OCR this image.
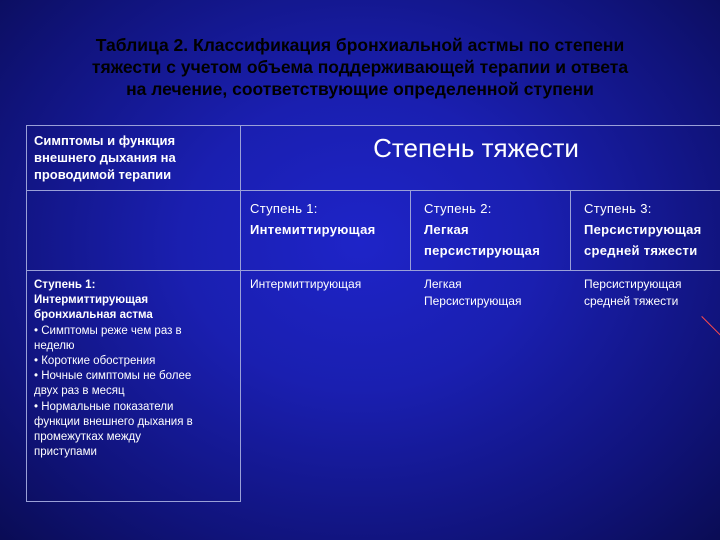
Таблица 2. Классификация бронхиальной астмы по степени
тяжести с учетом объема поддерживающей терапии и ответа
на лечение, соответствующие определенной ступени
Симптомы и функция
внешнего дыхания на
проводимой терапии
Степень тяжести
Ступень 1:
Интемиттирующая
Ступень 2:
Легкая
персистирующая
Ступень 3:
Персистирующая
средней тяжести
Ступень 1:
Интермиттирующая
бронхиальная астма
• Симптомы реже чем раз в
неделю
• Короткие обострения
• Ночные симптомы не более
двух раз в месяц
• Нормальные показатели
функции внешнего дыхания в
промежутках между
приступами
Интермиттирующая	Легкая
Персистирующая
Персистирующая
средней тяжести
